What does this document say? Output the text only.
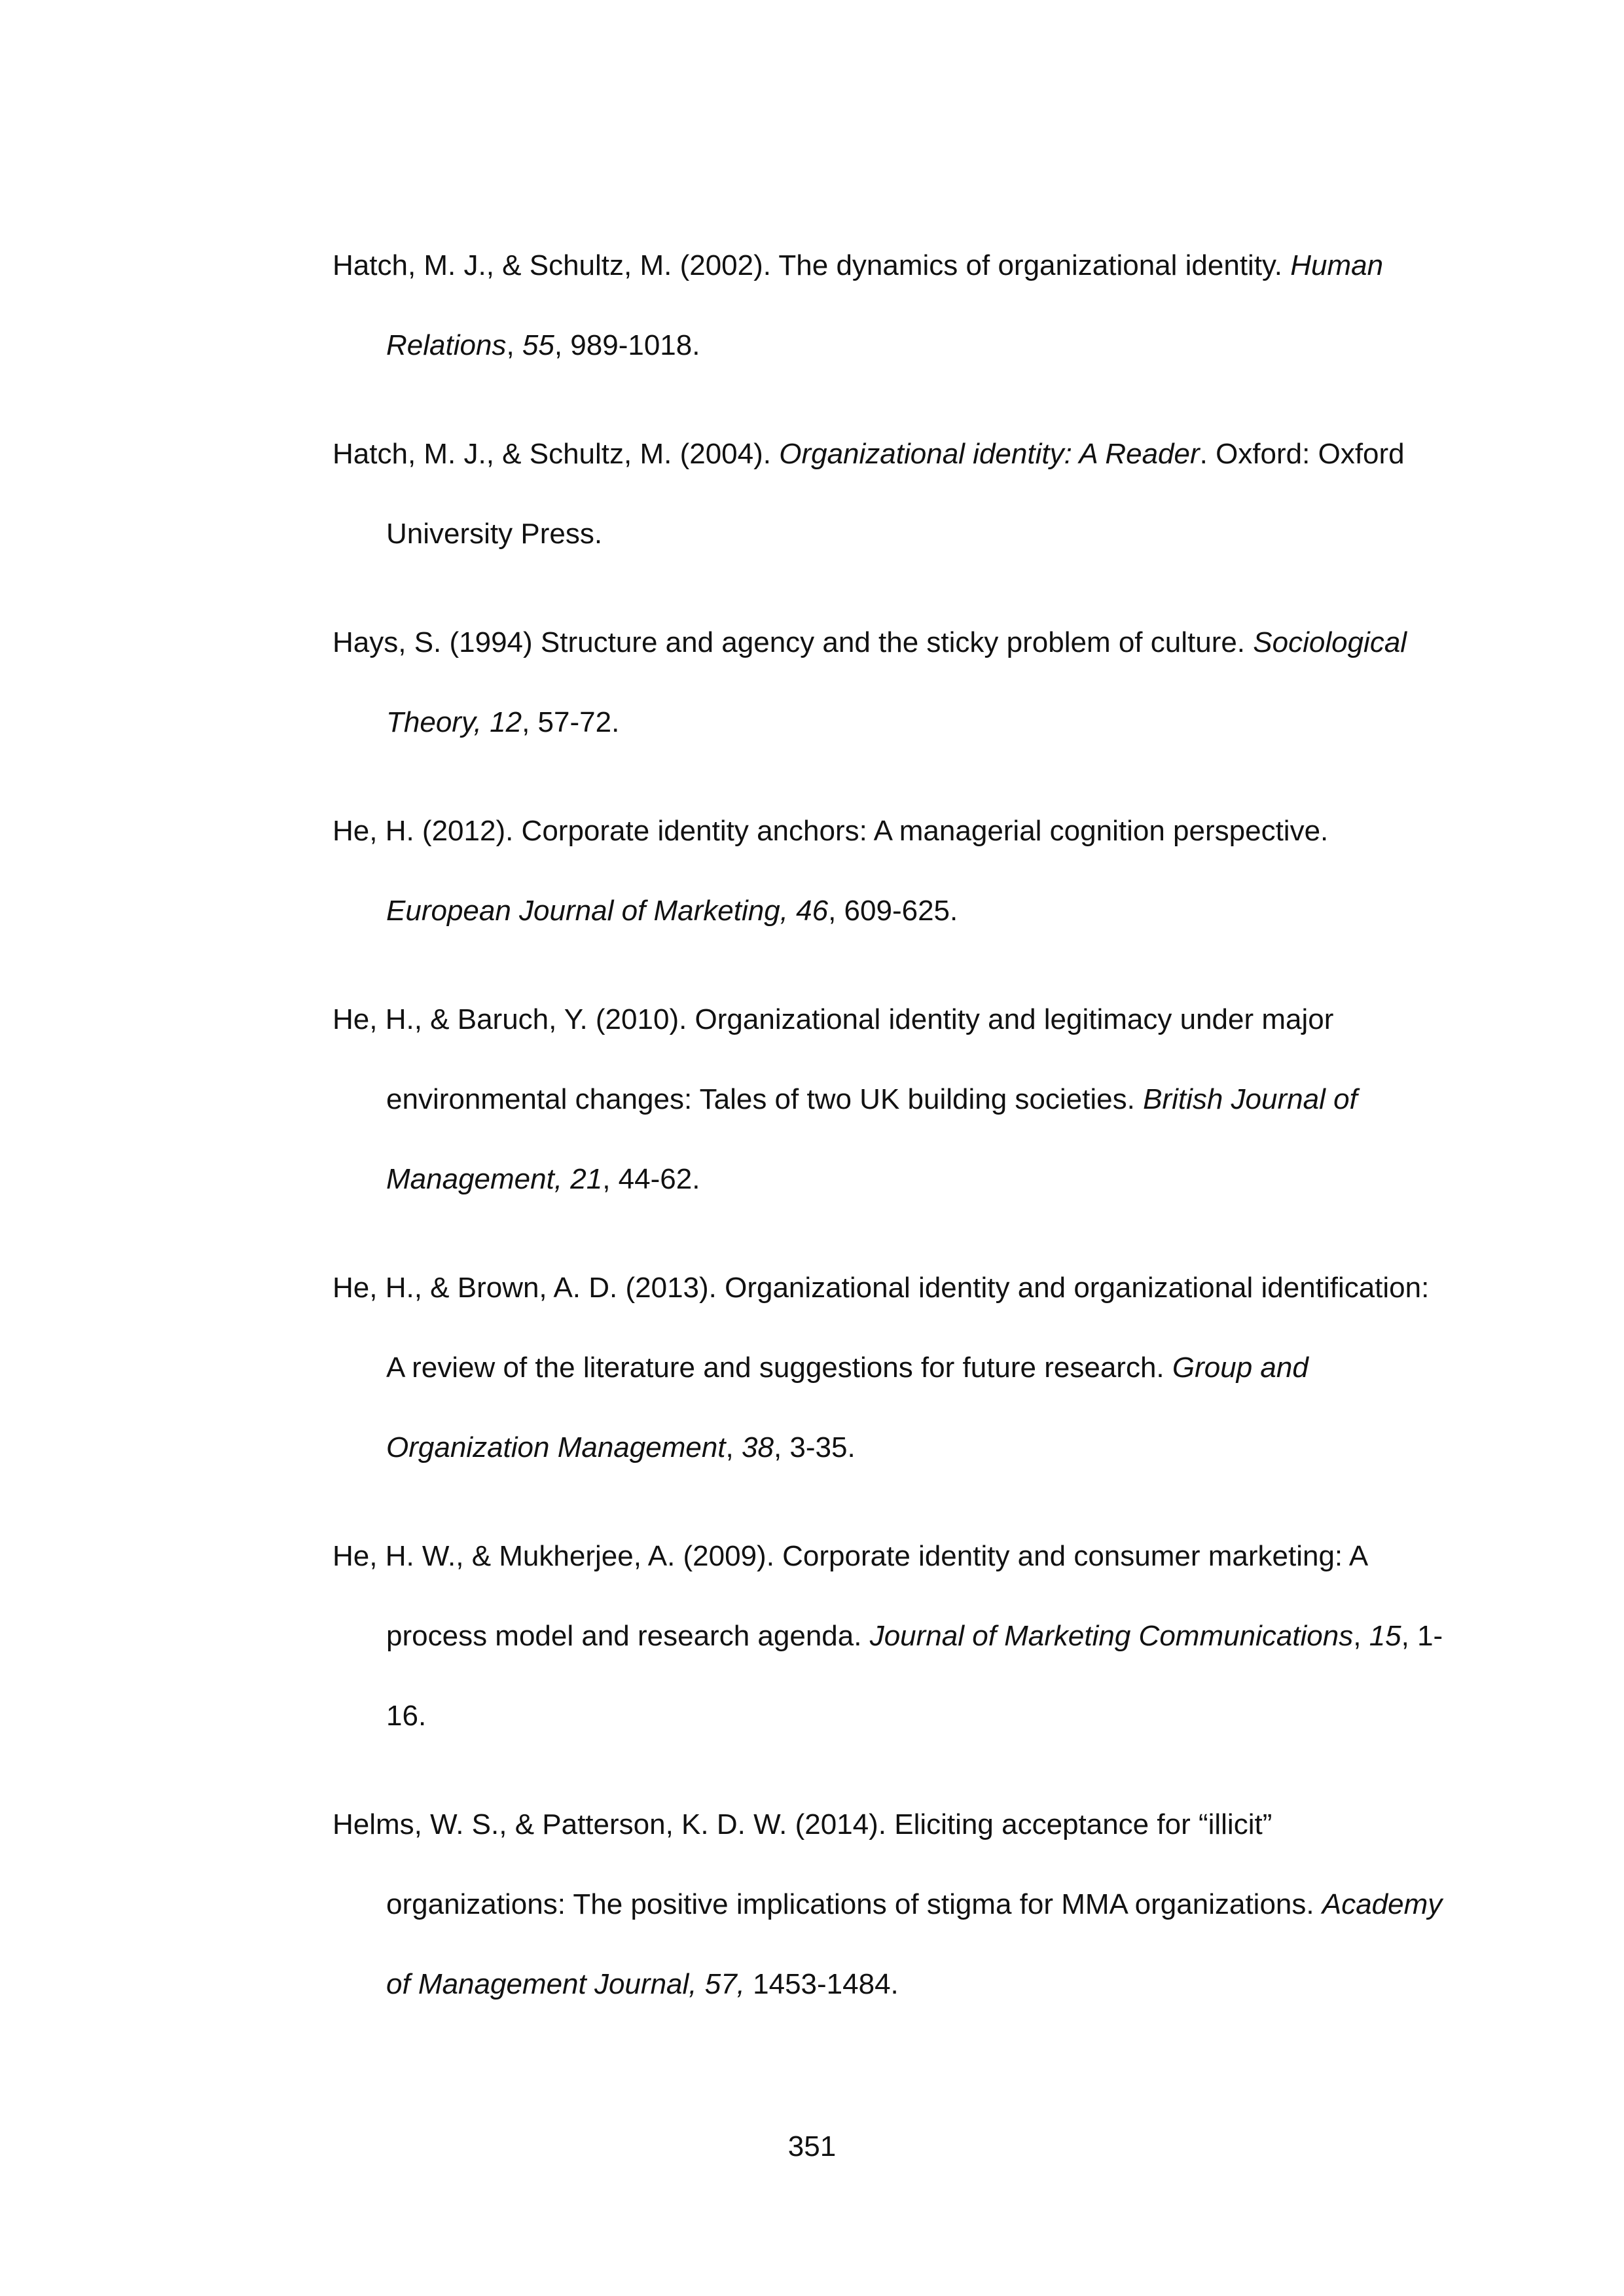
Hatch, M. J., & Schultz, M. (2002). The dynamics of organizational identity. Human Relations, 55, 989-1018.

Hatch, M. J., & Schultz, M. (2004). Organizational identity: A Reader. Oxford: Oxford University Press.

Hays, S. (1994) Structure and agency and the sticky problem of culture. Sociological Theory, 12, 57-72.

He, H. (2012). Corporate identity anchors: A managerial cognition perspective. European Journal of Marketing, 46, 609-625.

He, H., & Baruch, Y. (2010). Organizational identity and legitimacy under major environmental changes: Tales of two UK building societies. British Journal of Management, 21, 44-62.

He, H., & Brown, A. D. (2013). Organizational identity and organizational identification: A review of the literature and suggestions for future research. Group and Organization Management, 38, 3-35.

He, H. W., & Mukherjee, A. (2009). Corporate identity and consumer marketing: A process model and research agenda. Journal of Marketing Communications, 15, 1-16.

Helms, W. S., & Patterson, K. D. W. (2014). Eliciting acceptance for “illicit” organizations: The positive implications of stigma for MMA organizations. Academy of Management Journal, 57, 1453-1484.

351
